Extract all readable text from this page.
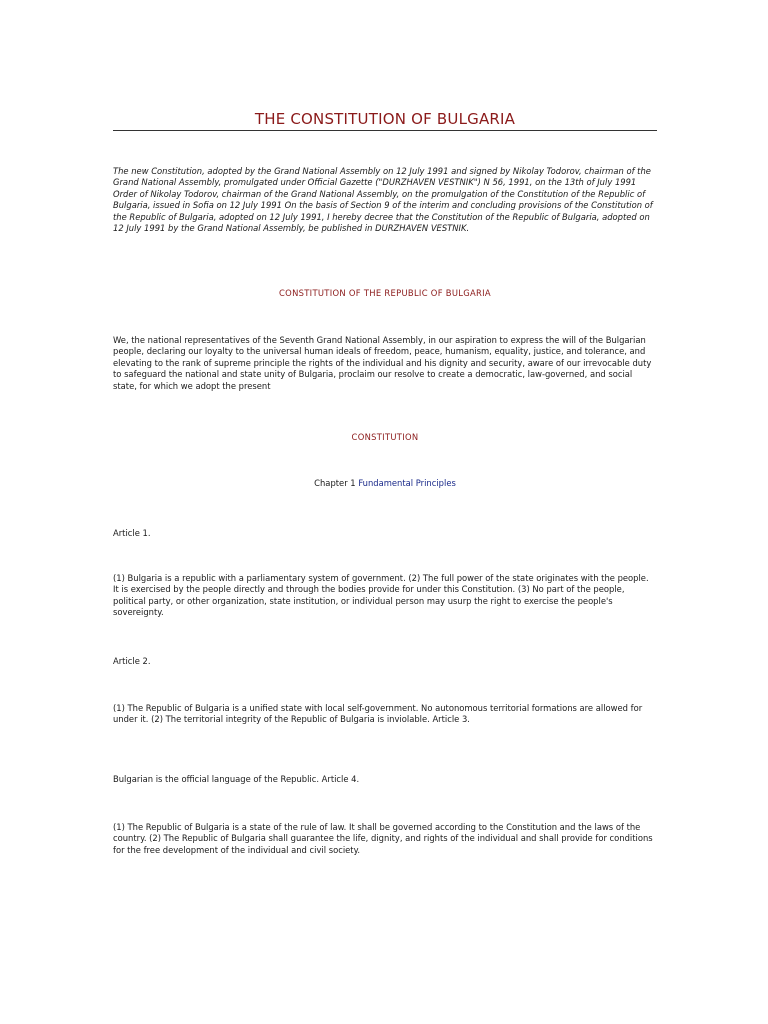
THE CONSTITUTION OF BULGARIA

The new Constitution, adopted by the Grand National Assembly on 12 July 1991 and signed by Nikolay Todorov, chairman of the Grand National Assembly, promulgated under Official Gazette ("DURZHAVEN VESTNIK") N 56, 1991, on the 13th of July 1991 Order of Nikolay Todorov, chairman of the Grand National Assembly, on the promulgation of the Constitution of the Republic of Bulgaria, issued in Sofia on 12 July 1991 On the basis of Section 9 of the interim and concluding provisions of the Constitution of the Republic of Bulgaria, adopted on 12 July 1991, I hereby decree that the Constitution of the Republic of Bulgaria, adopted on 12 July 1991 by the Grand National Assembly, be published in DURZHAVEN VESTNIK.

CONSTITUTION OF THE REPUBLIC OF BULGARIA

We, the national representatives of the Seventh Grand National Assembly, in our aspiration to express the will of the Bulgarian people, declaring our loyalty to the universal human ideals of freedom, peace, humanism, equality, justice, and tolerance, and elevating to the rank of supreme principle the rights of the individual and his dignity and security, aware of our irrevocable duty to safeguard the national and state unity of Bulgaria, proclaim our resolve to create a democratic, law-governed, and social state, for which we adopt the present

CONSTITUTION
Chapter 1 Fundamental Principles
Article 1.

(1) Bulgaria is a republic with a parliamentary system of government. (2) The full power of the state originates with the people. It is exercised by the people directly and through the bodies provide for under this Constitution. (3) No part of the people, political party, or other organization, state institution, or individual person may usurp the right to exercise the people's sovereignty.

Article 2.

(1) The Republic of Bulgaria is a unified state with local self-government. No autonomous territorial formations are allowed for under it. (2) The territorial integrity of the Republic of Bulgaria is inviolable. Article 3.

Bulgarian is the official language of the Republic. Article 4.

(1) The Republic of Bulgaria is a state of the rule of law. It shall be governed according to the Constitution and the laws of the country. (2) The Republic of Bulgaria shall guarantee the life, dignity, and rights of the individual and shall provide for conditions for the free development of the individual and civil society.
